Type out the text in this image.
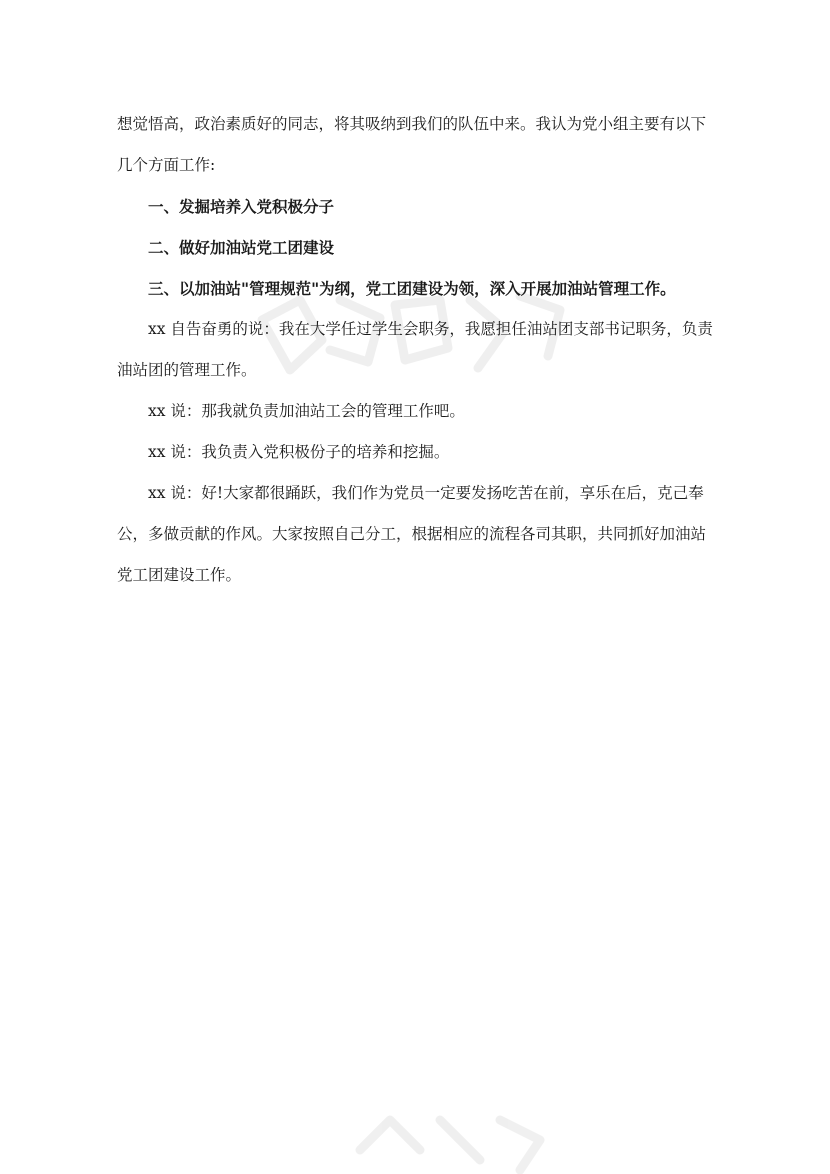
想觉悟高，政治素质好的同志，将其吸纳到我们的队伍中来。我认为党小组主要有以下几个方面工作:

一、发掘培养入党积极分子

二、做好加油站党工团建设

三、以加油站"管理规范"为纲，党工团建设为领，深入开展加油站管理工作。

xx 自告奋勇的说：我在大学任过学生会职务，我愿担任油站团支部书记职务，负责油站团的管理工作。

xx 说：那我就负责加油站工会的管理工作吧。

xx 说：我负责入党积极份子的培养和挖掘。

xx 说：好!大家都很踊跃，我们作为党员一定要发扬吃苦在前，享乐在后，克己奉公，多做贡献的作风。大家按照自己分工，根据相应的流程各司其职，共同抓好加油站党工团建设工作。
